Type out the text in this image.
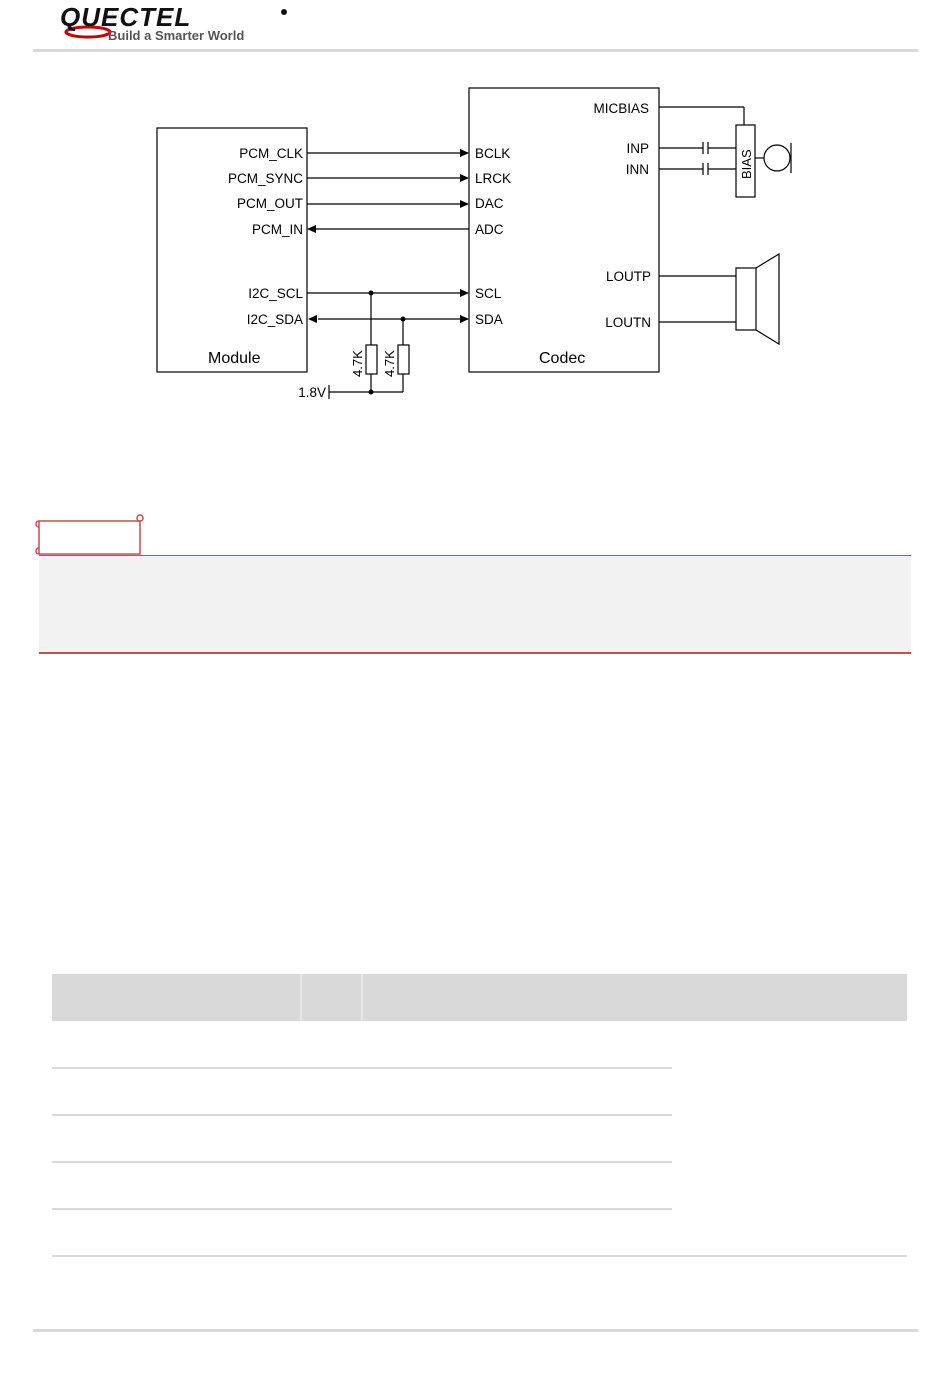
QUECTEL
Build a Smarter World
Module
PCM_CLK
PCM_SYNC
PCM_OUT
PCM_IN
I2C_SCL
I2C_SDA
Codec
BCLK
LRCK
DAC
ADC
SCL
SDA
MICBIAS
INP
INN
LOUTP
LOUTN
4.7K 4.7K
1.8V
BIAS
